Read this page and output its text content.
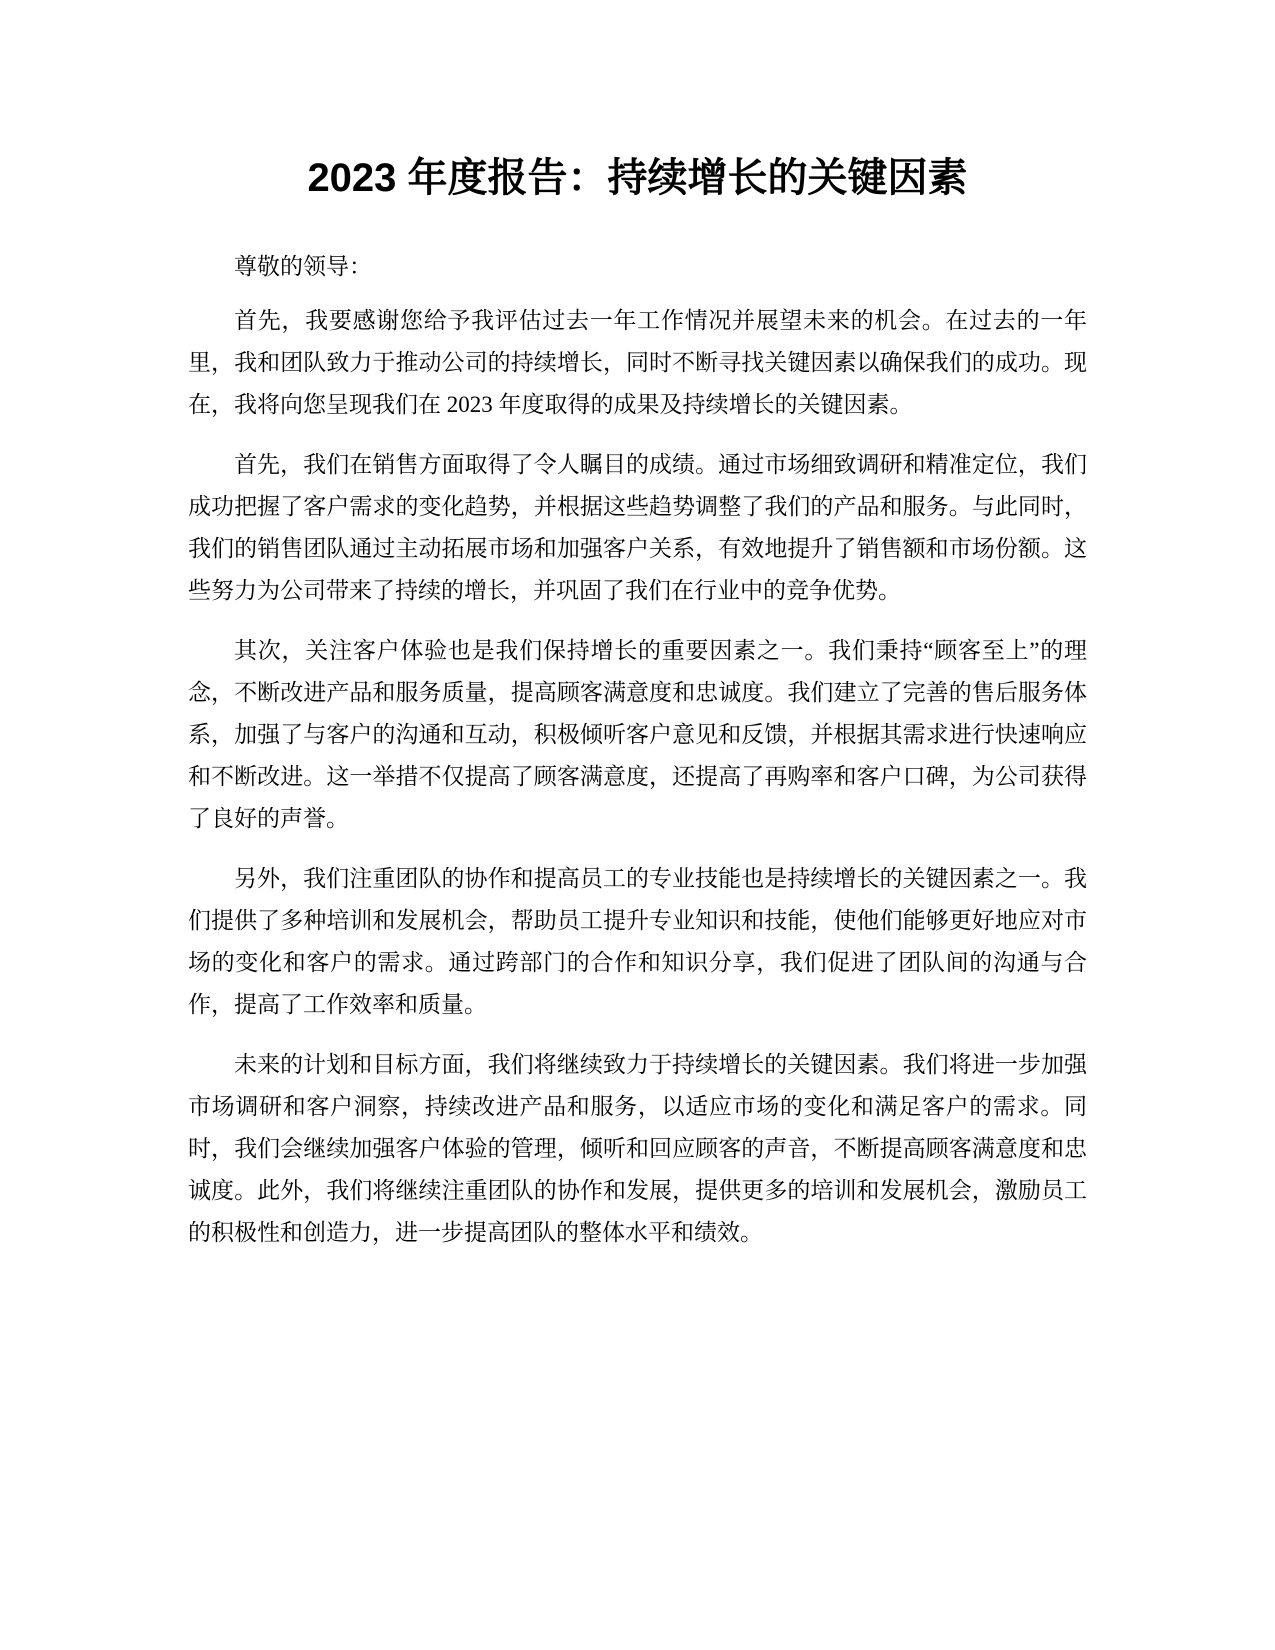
2023 年度报告：持续增长的关键因素

尊敬的领导：

首先，我要感谢您给予我评估过去一年工作情况并展望未来的机会。在过去的一年里，我和团队致力于推动公司的持续增长，同时不断寻找关键因素以确保我们的成功。现在，我将向您呈现我们在 2023 年度取得的成果及持续增长的关键因素。

首先，我们在销售方面取得了令人瞩目的成绩。通过市场细致调研和精准定位，我们成功把握了客户需求的变化趋势，并根据这些趋势调整了我们的产品和服务。与此同时，我们的销售团队通过主动拓展市场和加强客户关系，有效地提升了销售额和市场份额。这些努力为公司带来了持续的增长，并巩固了我们在行业中的竞争优势。

其次，关注客户体验也是我们保持增长的重要因素之一。我们秉持“顾客至上”的理念，不断改进产品和服务质量，提高顾客满意度和忠诚度。我们建立了完善的售后服务体系，加强了与客户的沟通和互动，积极倾听客户意见和反馈，并根据其需求进行快速响应和不断改进。这一举措不仅提高了顾客满意度，还提高了再购率和客户口碑，为公司获得了良好的声誉。

另外，我们注重团队的协作和提高员工的专业技能也是持续增长的关键因素之一。我们提供了多种培训和发展机会，帮助员工提升专业知识和技能，使他们能够更好地应对市场的变化和客户的需求。通过跨部门的合作和知识分享，我们促进了团队间的沟通与合作，提高了工作效率和质量。

未来的计划和目标方面，我们将继续致力于持续增长的关键因素。我们将进一步加强市场调研和客户洞察，持续改进产品和服务，以适应市场的变化和满足客户的需求。同时，我们会继续加强客户体验的管理，倾听和回应顾客的声音，不断提高顾客满意度和忠诚度。此外，我们将继续注重团队的协作和发展，提供更多的培训和发展机会，激励员工的积极性和创造力，进一步提高团队的整体水平和绩效。
